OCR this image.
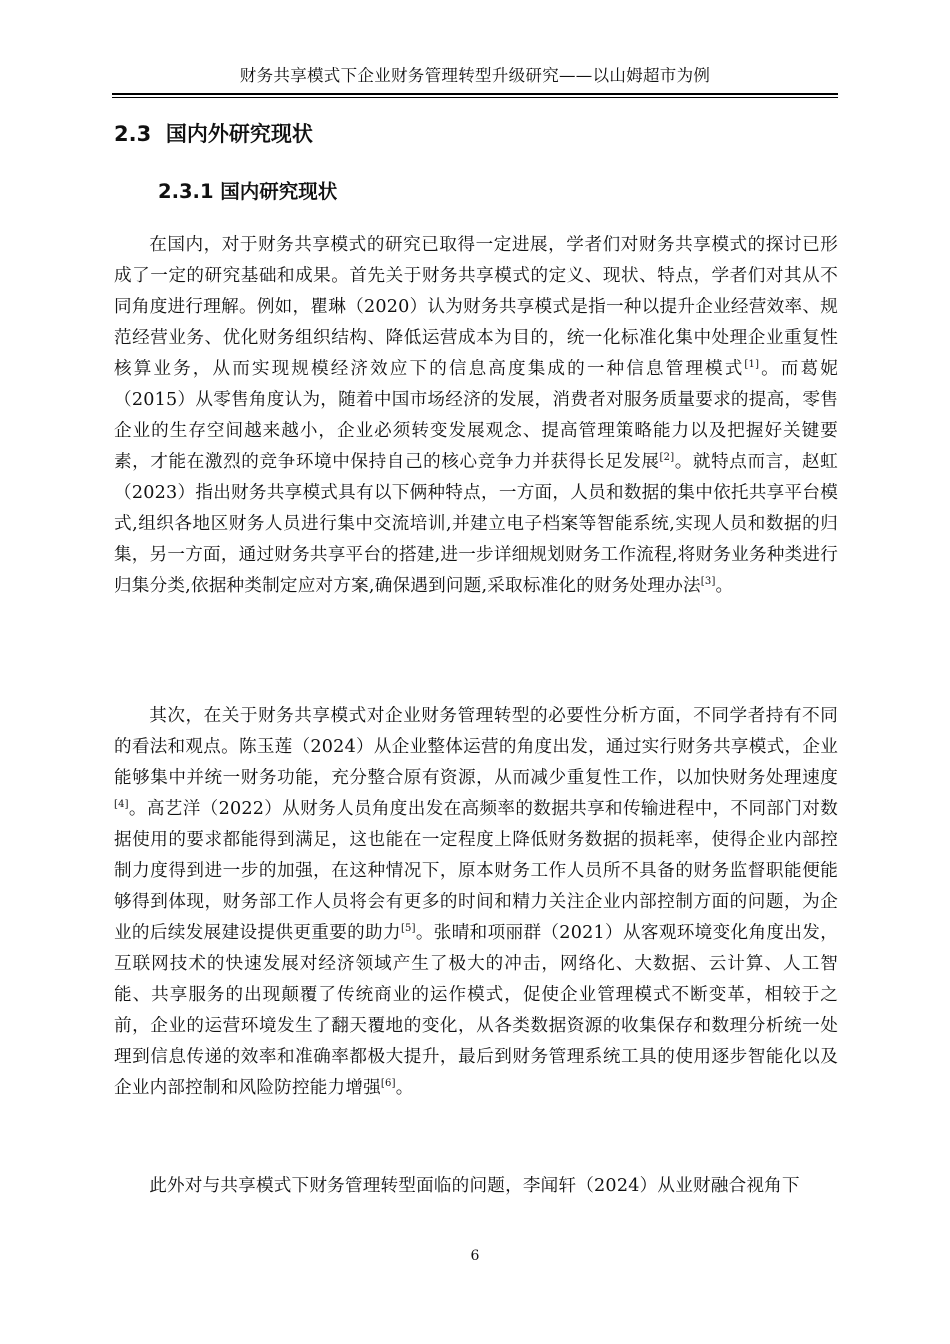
财务共享模式下企业财务管理转型升级研究——以山姆超市为例
2.3  国内外研究现状
2.3.1 国内研究现状
在国内，对于财务共享模式的研究已取得一定进展，学者们对财务共享模式的探讨已形成了一定的研究基础和成果。首先关于财务共享模式的定义、现状、特点，学者们对其从不同角度进行理解。例如，瞿琳（2020）认为财务共享模式是指一种以提升企业经营效率、规范经营业务、优化财务组织结构、降低运营成本为目的，统一化标准化集中处理企业重复性核算业务，从而实现规模经济效应下的信息高度集成的一种信息管理模式[1]。而葛妮（2015）从零售角度认为，随着中国市场经济的发展，消费者对服务质量要求的提高，零售企业的生存空间越来越小，企业必须转变发展观念、提高管理策略能力以及把握好关键要素，才能在激烈的竞争环境中保持自己的核心竞争力并获得长足发展[2]。就特点而言，赵虹（2023）指出财务共享模式具有以下俩种特点，一方面，人员和数据的集中依托共享平台模式,组织各地区财务人员进行集中交流培训,并建立电子档案等智能系统,实现人员和数据的归集，另一方面，通过财务共享平台的搭建,进一步详细规划财务工作流程,将财务业务种类进行归集分类,依据种类制定应对方案,确保遇到问题,采取标准化的财务处理办法[3]。
其次，在关于财务共享模式对企业财务管理转型的必要性分析方面，不同学者持有不同的看法和观点。陈玉莲（2024）从企业整体运营的角度出发，通过实行财务共享模式，企业能够集中并统一财务功能，充分整合原有资源，从而减少重复性工作，以加快财务处理速度[4]。高艺洋（2022）从财务人员角度出发在高频率的数据共享和传输进程中，不同部门对数据使用的要求都能得到满足，这也能在一定程度上降低财务数据的损耗率，使得企业内部控制力度得到进一步的加强，在这种情况下，原本财务工作人员所不具备的财务监督职能便能够得到体现，财务部工作人员将会有更多的时间和精力关注企业内部控制方面的问题，为企业的后续发展建设提供更重要的助力[5]。张晴和项丽群（2021）从客观环境变化角度出发，互联网技术的快速发展对经济领域产生了极大的冲击，网络化、大数据、云计算、人工智能、共享服务的出现颠覆了传统商业的运作模式，促使企业管理模式不断变革，相较于之前，企业的运营环境发生了翻天覆地的变化，从各类数据资源的收集保存和数理分析统一处理到信息传递的效率和准确率都极大提升，最后到财务管理系统工具的使用逐步智能化以及企业内部控制和风险防控能力增强[6]。
此外对与共享模式下财务管理转型面临的问题，李闻轩（2024）从业财融合视角下
6
